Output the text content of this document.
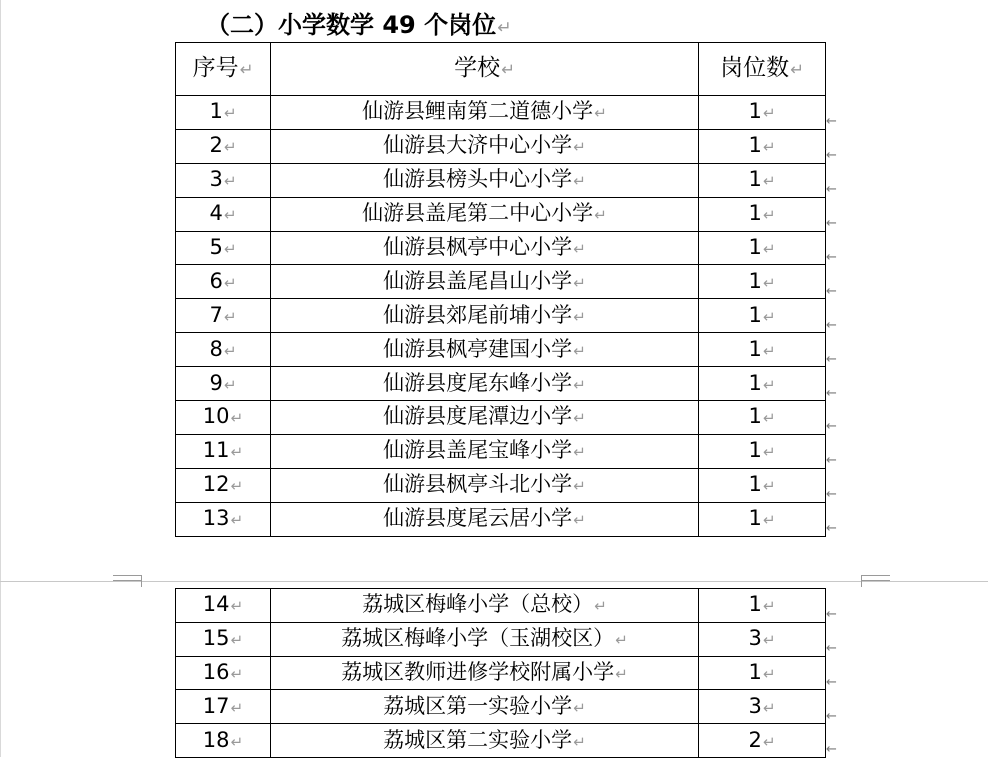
（二）小学数学 49 个岗位↵
序号↵	学校↵	岗位数↵
1↵	仙游县鲤南第二道德小学↵	1↵
2↵	仙游县大济中心小学↵	1↵
3↵	仙游县榜头中心小学↵	1↵
4↵	仙游县盖尾第二中心小学↵	1↵
5↵	仙游县枫亭中心小学↵	1↵
6↵	仙游县盖尾昌山小学↵	1↵
7↵	仙游县郊尾前埔小学↵	1↵
8↵	仙游县枫亭建国小学↵	1↵
9↵	仙游县度尾东峰小学↵	1↵
10↵	仙游县度尾潭边小学↵	1↵
11↵	仙游县盖尾宝峰小学↵	1↵
12↵	仙游县枫亭斗北小学↵	1↵
13↵	仙游县度尾云居小学↵	1↵
14↵	荔城区梅峰小学（总校）↵	1↵
15↵	荔城区梅峰小学（玉湖校区）↵	3↵
16↵	荔城区教师进修学校附属小学↵	1↵
17↵	荔城区第一实验小学↵	3↵
18↵	荔城区第二实验小学↵	2↵
←
←
←
←
←
←
←
←
←
←
←
←
←
←
←
←
←
←
